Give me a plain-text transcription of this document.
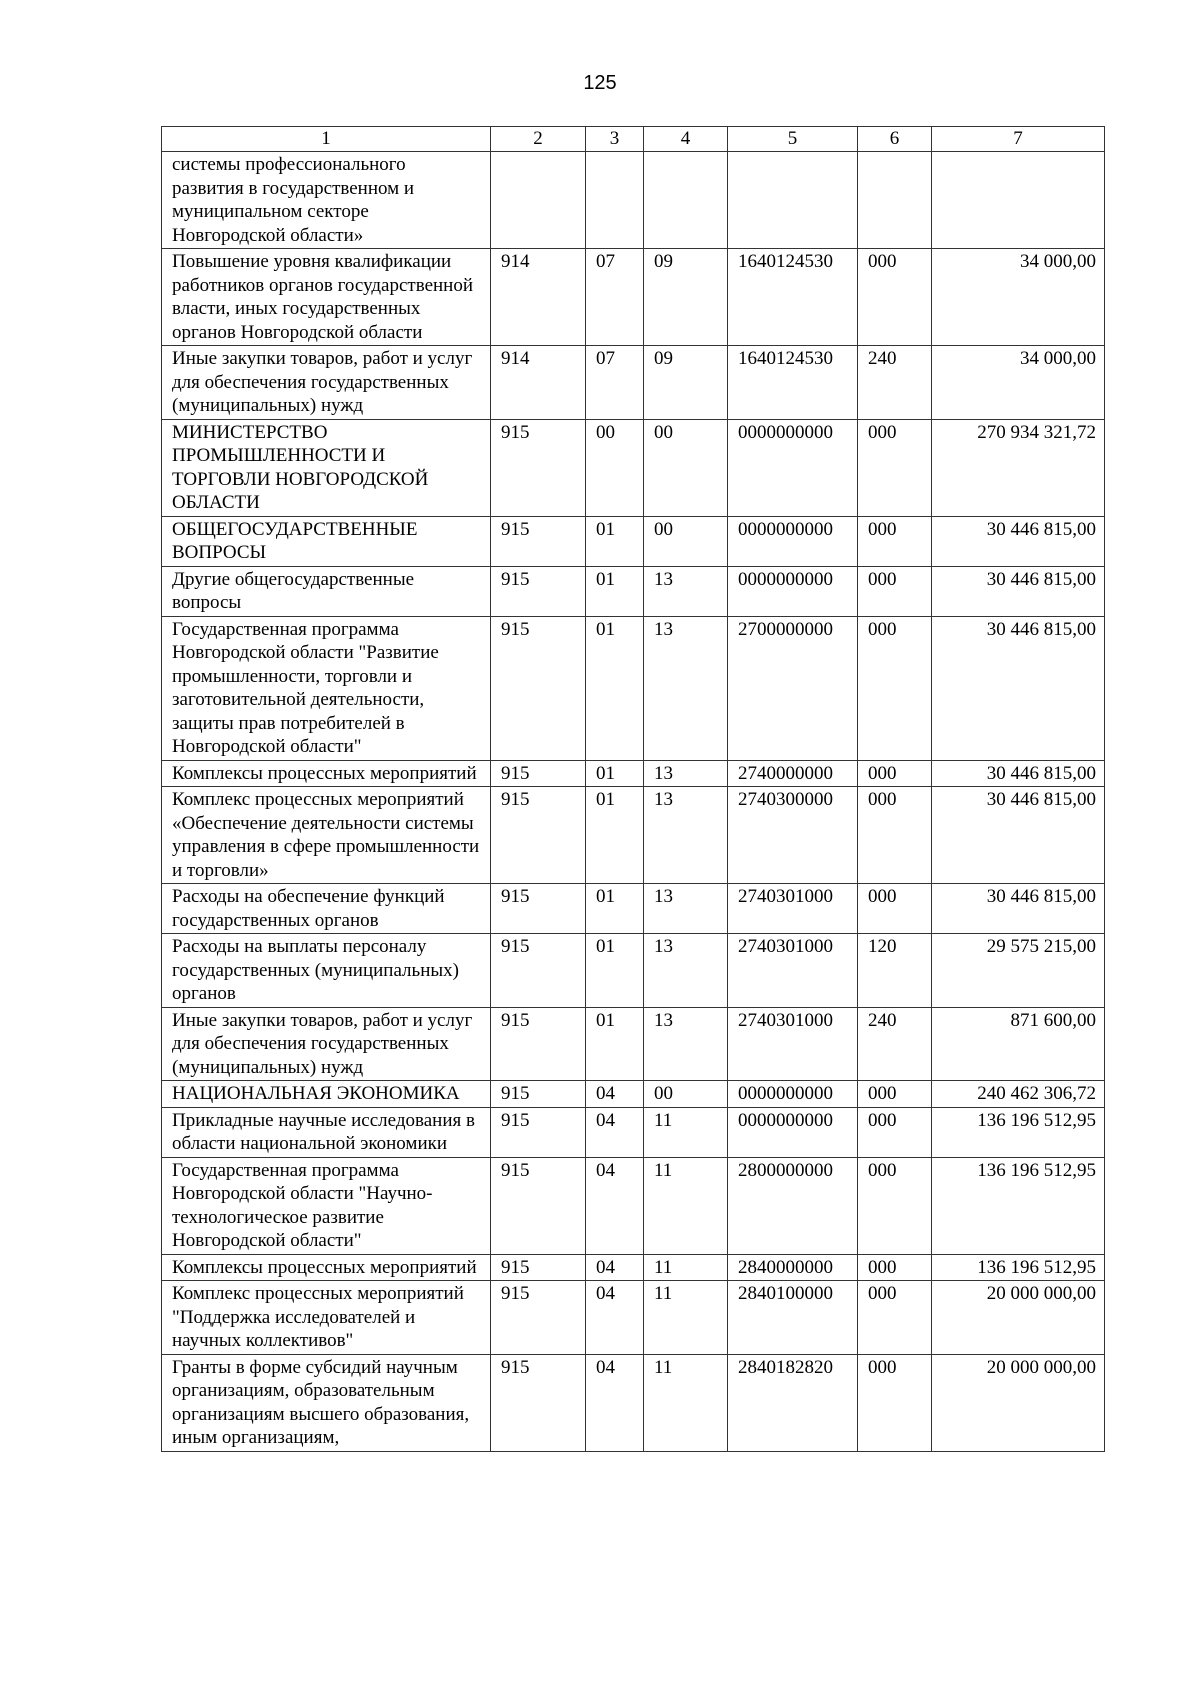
125
1	2	3	4	5	6	7
системы профессионального развития в государственном и муниципальном секторе Новгородской области»						
Повышение уровня квалификации работников органов государственной власти, иных государственных органов Новгородской области	914	07	09	1640124530	000	34 000,00
Иные закупки товаров, работ и услуг для обеспечения государственных (муниципальных) нужд	914	07	09	1640124530	240	34 000,00
МИНИСТЕРСТВО ПРОМЫШЛЕННОСТИ И ТОРГОВЛИ НОВГОРОДСКОЙ ОБЛАСТИ	915	00	00	0000000000	000	270 934 321,72
ОБЩЕГОСУДАРСТВЕННЫЕ ВОПРОСЫ	915	01	00	0000000000	000	30 446 815,00
Другие общегосударственные вопросы	915	01	13	0000000000	000	30 446 815,00
Государственная программа Новгородской области "Развитие промышленности, торговли и заготовительной деятельности, защиты прав потребителей в Новгородской области"	915	01	13	2700000000	000	30 446 815,00
Комплексы процессных мероприятий	915	01	13	2740000000	000	30 446 815,00
Комплекс процессных мероприятий «Обеспечение деятельности системы управления в сфере промышленности и торговли»	915	01	13	2740300000	000	30 446 815,00
Расходы на обеспечение функций государственных органов	915	01	13	2740301000	000	30 446 815,00
Расходы на выплаты персоналу государственных (муниципальных) органов	915	01	13	2740301000	120	29 575 215,00
Иные закупки товаров, работ и услуг для обеспечения государственных (муниципальных) нужд	915	01	13	2740301000	240	871 600,00
НАЦИОНАЛЬНАЯ ЭКОНОМИКА	915	04	00	0000000000	000	240 462 306,72
Прикладные научные исследования в области национальной экономики	915	04	11	0000000000	000	136 196 512,95
Государственная программа Новгородской области "Научно-технологическое развитие Новгородской области"	915	04	11	2800000000	000	136 196 512,95
Комплексы процессных мероприятий	915	04	11	2840000000	000	136 196 512,95
Комплекс процессных мероприятий "Поддержка исследователей и научных коллективов"	915	04	11	2840100000	000	20 000 000,00
Гранты в форме субсидий научным организациям, образовательным организациям высшего образования, иным организациям,	915	04	11	2840182820	000	20 000 000,00
